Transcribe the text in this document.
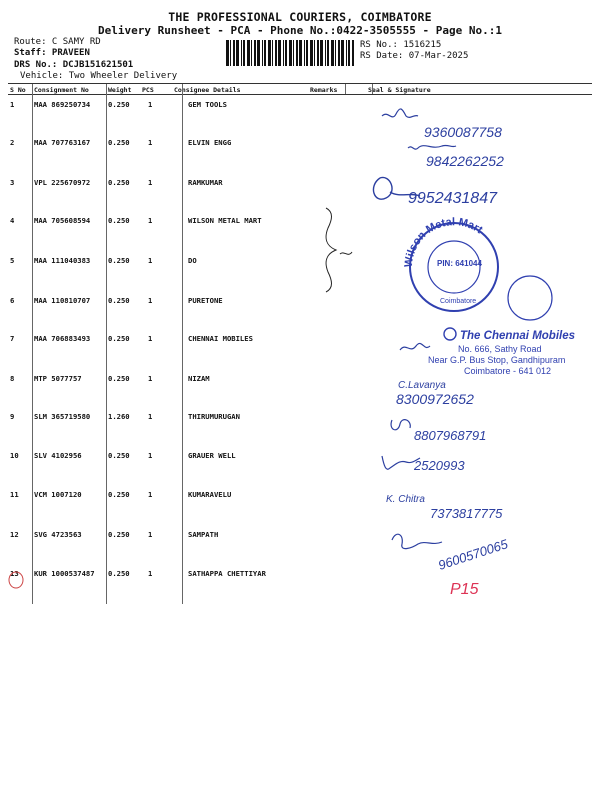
THE PROFESSIONAL COURIERS, COIMBATORE
Delivery Runsheet - PCA - Phone No.:0422-3505555 - Page No.:1
Route: C SAMY RD
Staff: PRAVEEN
DRS No.: DCJB151621501
Vehicle: Two Wheeler Delivery
RS No.: 1516215
RS Date: 07-Mar-2025
S No Consignment No	Weight PCS	Consignee Details	Remarks	Seal & Signature
1	MAA 869250734 0.250	1	GEM TOOLS
2	MAA 707763167 0.250	1	ELVIN ENGG
3	VPL 225670972 0.250	1	RAMKUMAR
4	MAA 705608594 0.250	1	WILSON METAL MART
5	MAA 111040383 0.250	1	DO
6	MAA 110810707 0.250	1	PURETONE
7	MAA 706883493 0.250	1	CHENNAI MOBILES
8	MTP 5077757	0.250	1	NIZAM
9	SLM 365719580 1.260	1	THIRUMURUGAN
10 SLV 4102956	0.250	1	GRAUER WELL
11 VCM 1007120	0.250	1	KUMARAVELU
12 SVG 4723563	0.250	1	SAMPATH
13 KUR 1000537487 0.250	1	SATHAPPA CHETTIYAR
9360087758
9842262252
9952431847
Wilson Metal Mart
PIN: 641044
Coimbatore
The Chennai Mobiles
No. 666, Sathy Road
Near G.P. Bus Stop, Gandhipuram
Coimbatore - 641 012
C.Lavanya
8300972652
8807968791
2520993
K. Chitra
7373817775
9600570065
P15
